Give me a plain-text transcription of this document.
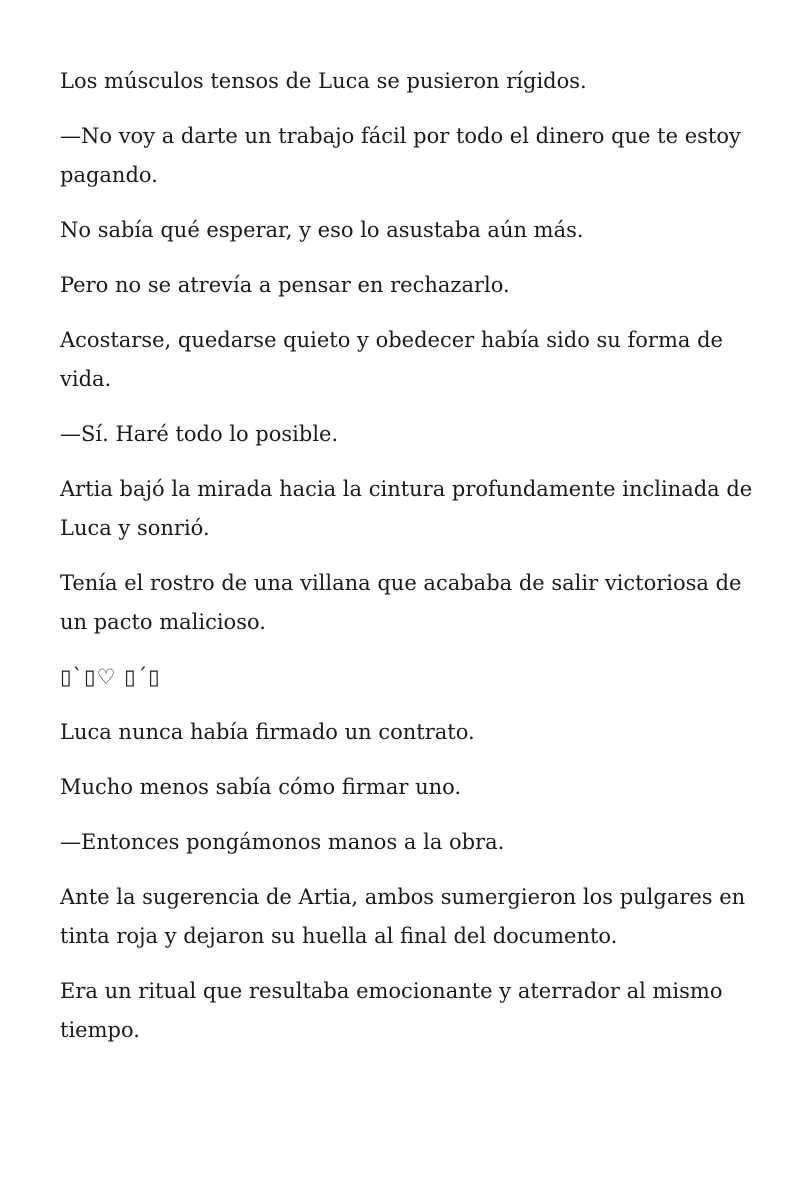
Los músculos tensos de Luca se pusieron rígidos.

—No voy a darte un trabajo fácil por todo el dinero que te estoy pagando.

No sabía qué esperar, y eso lo asustaba aún más.

Pero no se atrevía a pensar en rechazarlo.

Acostarse, quedarse quieto y obedecer había sido su forma de vida.

—Sí. Haré todo lo posible.

Artia bajó la mirada hacia la cintura profundamente inclinada de Luca y sonrió.

Tenía el rostro de una villana que acababa de salir victoriosa de un pacto malicioso.

▯`▯♡ ▯´▯

Luca nunca había firmado un contrato.

Mucho menos sabía cómo firmar uno.

—Entonces pongámonos manos a la obra.

Ante la sugerencia de Artia, ambos sumergieron los pulgares en tinta roja y dejaron su huella al final del documento.

Era un ritual que resultaba emocionante y aterrador al mismo tiempo.
